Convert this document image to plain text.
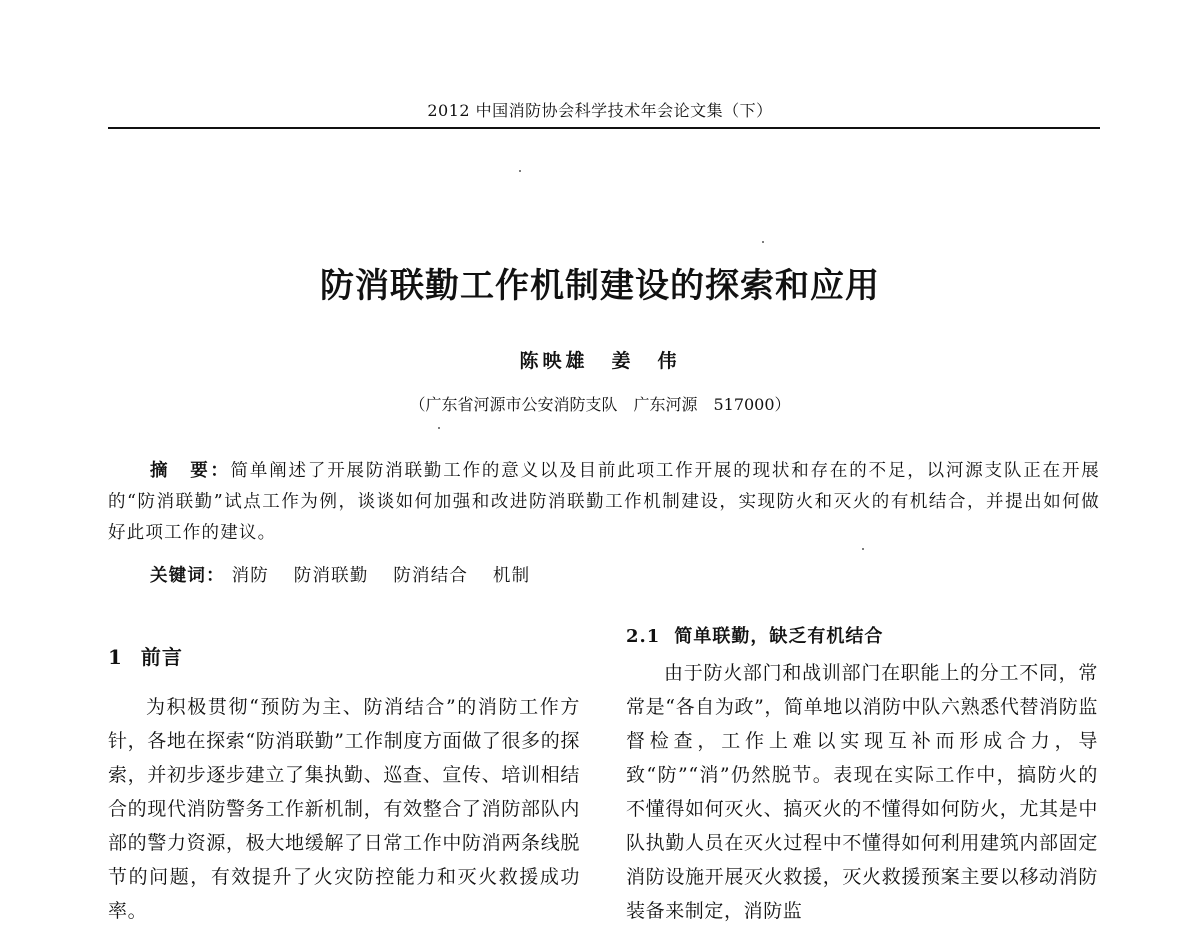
2012 中国消防协会科学技术年会论文集（下）
防消联勤工作机制建设的探索和应用
陈映雄　姜　伟
（广东省河源市公安消防支队　广东河源　517000）
摘　要：简单阐述了开展防消联勤工作的意义以及目前此项工作开展的现状和存在的不足，以河源支队正在开展的“防消联勤”试点工作为例，谈谈如何加强和改进防消联勤工作机制建设，实现防火和灭火的有机结合，并提出如何做好此项工作的建议。
关键词： 消防 防消联勤 防消结合 机制
1 前言

为积极贯彻“预防为主、防消结合”的消防工作方针，各地在探索“防消联勤”工作制度方面做了很多的探索，并初步逐步建立了集执勤、巡查、宣传、培训相结合的现代消防警务工作新机制，有效整合了消防部队内部的警力资源，极大地缓解了日常工作中防消两条线脱节的问题，有效提升了火灾防控能力和灭火救援成功率。

2.1 简单联勤，缺乏有机结合

由于防火部门和战训部门在职能上的分工不同，常常是“各自为政”，简单地以消防中队六熟悉代替消防监督检查，工作上难以实现互补而形成合力，导致“防”“消”仍然脱节。表现在实际工作中，搞防火的不懂得如何灭火、搞灭火的不懂得如何防火，尤其是中队执勤人员在灭火过程中不懂得如何利用建筑内部固定消防设施开展灭火救援，灭火救援预案主要以移动消防装备来制定，消防监
